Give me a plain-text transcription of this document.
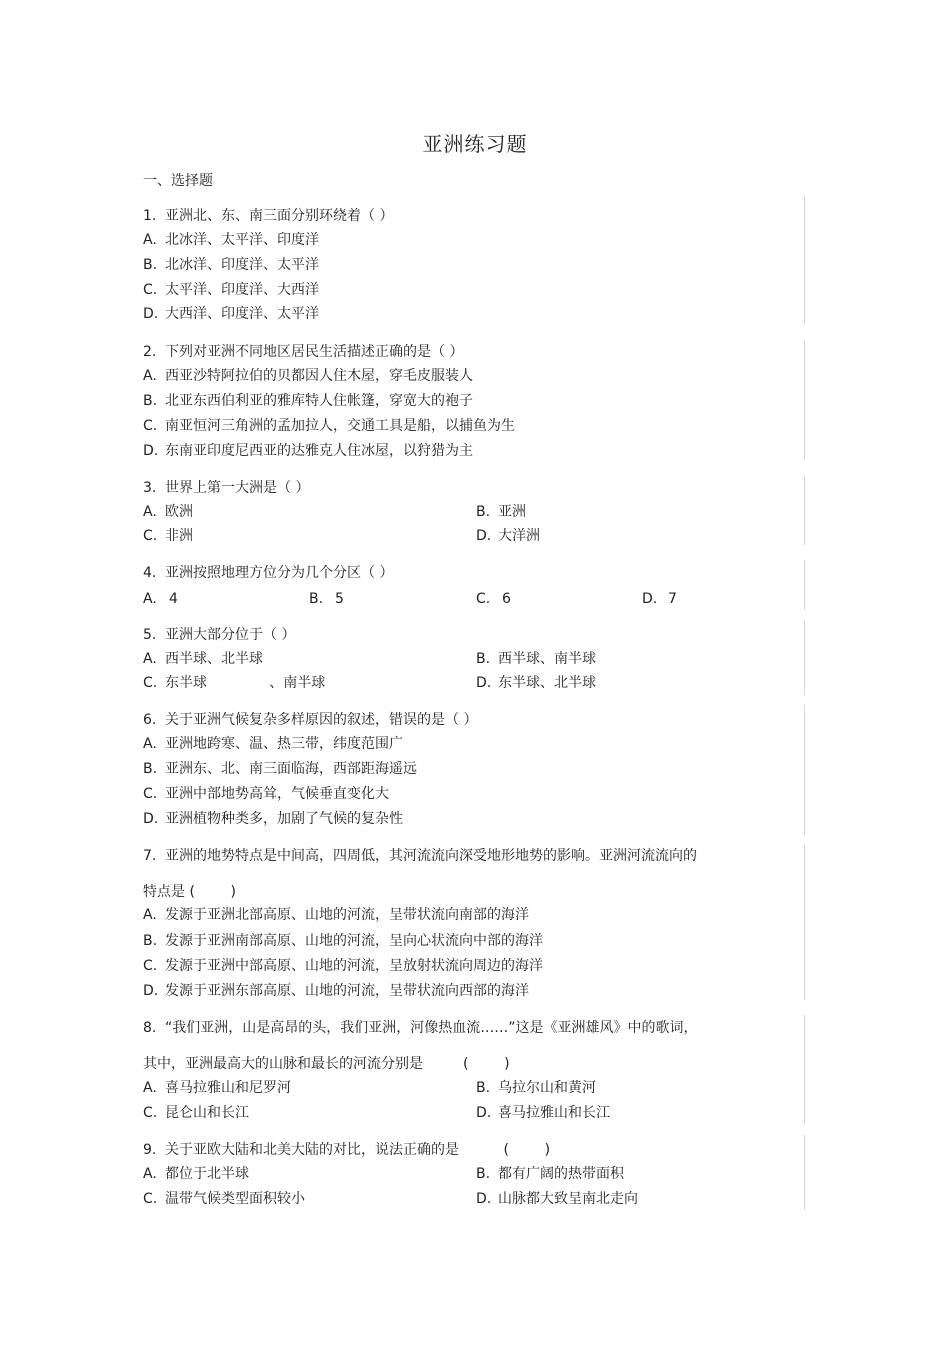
亚洲练习题
一、选择题
1. 亚洲北、东、南三面分别环绕着（ ）
A. 北冰洋、太平洋、印度洋
B. 北冰洋、印度洋、太平洋
C. 太平洋、印度洋、大西洋
D. 大西洋、印度洋、太平洋
2. 下列对亚洲不同地区居民生活描述正确的是（ ）
A. 西亚沙特阿拉伯的贝都因人住木屋，穿毛皮服装人
B. 北亚东西伯利亚的雅库特人住帐篷，穿宽大的袍子
C. 南亚恒河三角洲的孟加拉人，交通工具是船，以捕鱼为生
D. 东南亚印度尼西亚的达雅克人住冰屋，以狩猎为主
3. 世界上第一大洲是（ ）
A. 欧洲	B. 亚洲
C. 非洲	D. 大洋洲
4. 亚洲按照地理方位分为几个分区（ ）
A. 4	B. 5	C. 6	D. 7
5. 亚洲大部分位于（ ）
A. 西半球、北半球	B. 西半球、南半球
C. 东半球              、南半球	D. 东半球、北半球
6. 关于亚洲气候复杂多样原因的叙述，错误的是（ ）
A. 亚洲地跨寒、温、热三带，纬度范围广
B. 亚洲东、北、南三面临海，西部距海遥远
C. 亚洲中部地势高耸，气候垂直变化大
D. 亚洲植物种类多，加剧了气候的复杂性
7. 亚洲的地势特点是中间高，四周低，其河流流向深受地形地势的影响。亚洲河流流向的
特点是 (        )
A. 发源于亚洲北部高原、山地的河流，呈带状流向南部的海洋
B. 发源于亚洲南部高原、山地的河流，呈向心状流向中部的海洋
C. 发源于亚洲中部高原、山地的河流，呈放射状流向周边的海洋
D. 发源于亚洲东部高原、山地的河流，呈带状流向西部的海洋
8. “我们亚洲，山是高昂的头，我们亚洲，河像热血流……”这是《亚洲雄风》中的歌词，
其中，亚洲最高大的山脉和最长的河流分别是         (        )
A. 喜马拉雅山和尼罗河	B. 乌拉尔山和黄河
C. 昆仑山和长江	D. 喜马拉雅山和长江
9. 关于亚欧大陆和北美大陆的对比，说法正确的是          (        )
A. 都位于北半球	B. 都有广阔的热带面积
C. 温带气候类型面积较小	D. 山脉都大致呈南北走向
